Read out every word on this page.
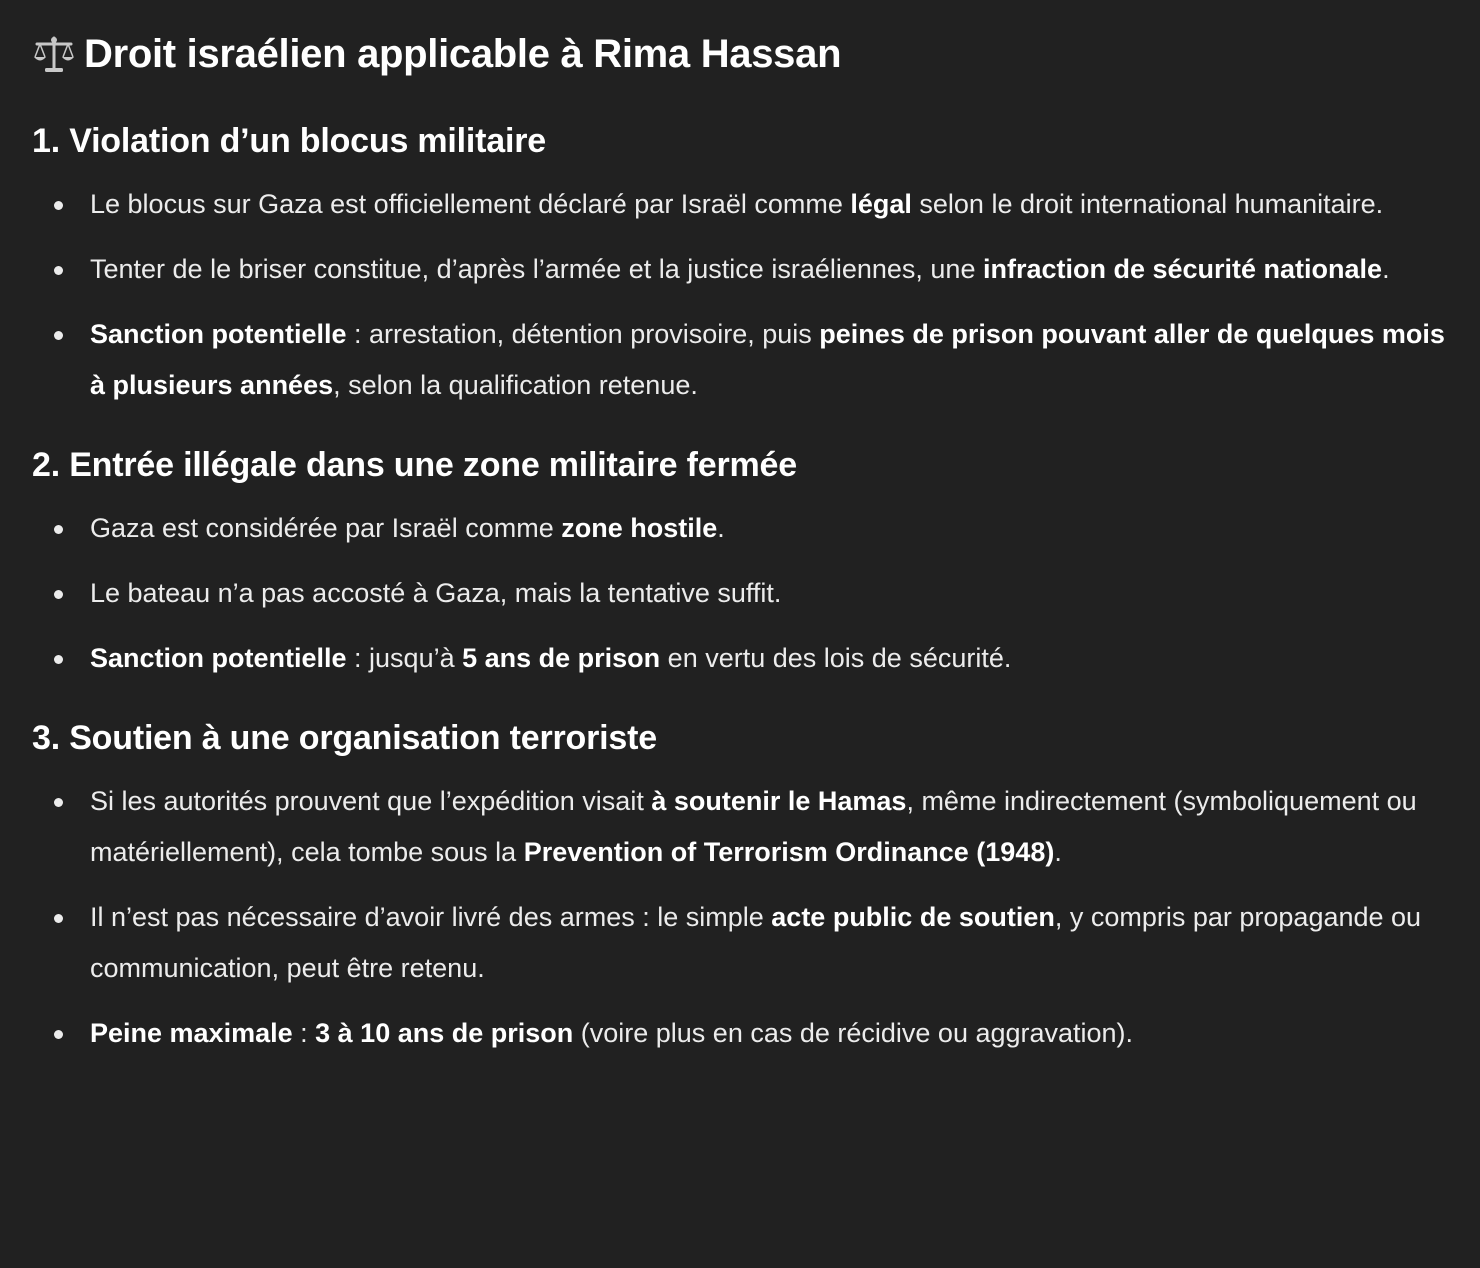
Droit israélien applicable à Rima Hassan
1. Violation d’un blocus militaire
Le blocus sur Gaza est officiellement déclaré par Israël comme légal selon le droit international humanitaire.
Tenter de le briser constitue, d’après l’armée et la justice israéliennes, une infraction de sécurité nationale.
Sanction potentielle : arrestation, détention provisoire, puis peines de prison pouvant aller de quelques mois à plusieurs années, selon la qualification retenue.
2. Entrée illégale dans une zone militaire fermée
Gaza est considérée par Israël comme zone hostile.
Le bateau n’a pas accosté à Gaza, mais la tentative suffit.
Sanction potentielle : jusqu’à 5 ans de prison en vertu des lois de sécurité.
3. Soutien à une organisation terroriste
Si les autorités prouvent que l’expédition visait à soutenir le Hamas, même indirectement (symboliquement ou matériellement), cela tombe sous la Prevention of Terrorism Ordinance (1948).
Il n’est pas nécessaire d’avoir livré des armes : le simple acte public de soutien, y compris par propagande ou communication, peut être retenu.
Peine maximale : 3 à 10 ans de prison (voire plus en cas de récidive ou aggravation).
